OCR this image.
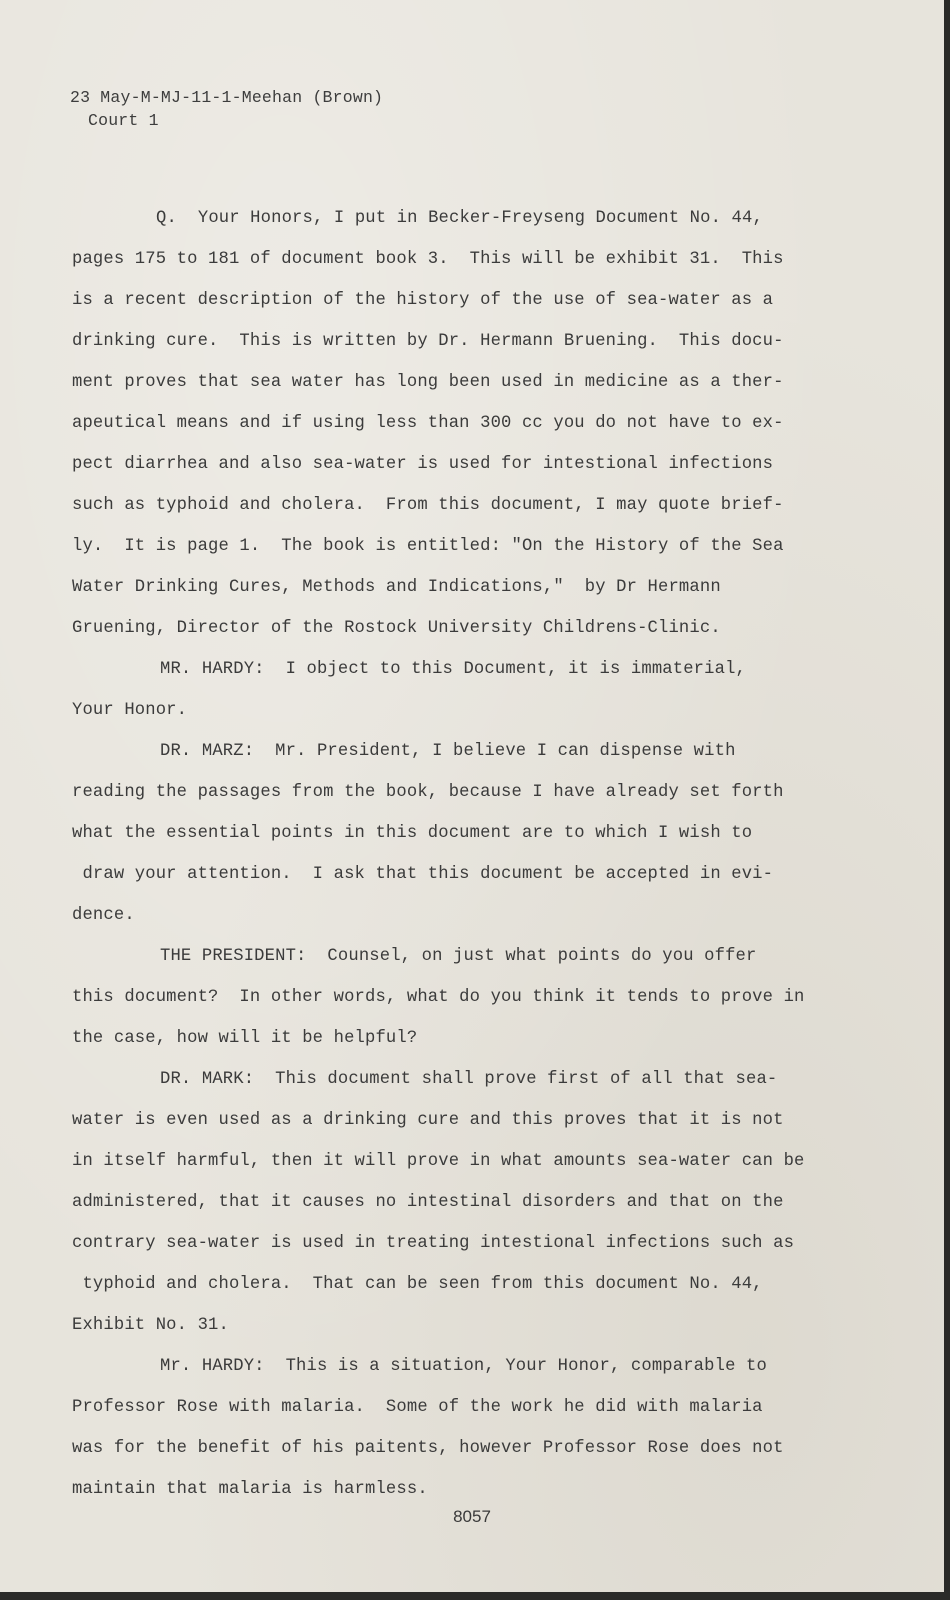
23 May-M-MJ-11-1-Meehan (Brown)
Court 1
Q.  Your Honors, I put in Becker-Freyseng Document No. 44,
pages 175 to 181 of document book 3.  This will be exhibit 31.  This
is a recent description of the history of the use of sea-water as a
drinking cure.  This is written by Dr. Hermann Bruening.  This docu-
ment proves that sea water has long been used in medicine as a ther-
apeutical means and if using less than 300 cc you do not have to ex-
pect diarrhea and also sea-water is used for intestional infections
such as typhoid and cholera.  From this document, I may quote brief-
ly.  It is page 1.  The book is entitled: "On the History of the Sea
Water Drinking Cures, Methods and Indications,"  by Dr Hermann
Gruening, Director of the Rostock University Childrens-Clinic.
MR. HARDY:  I object to this Document, it is immaterial,
Your Honor.
DR. MARZ:  Mr. President, I believe I can dispense with
reading the passages from the book, because I have already set forth
what the essential points in this document are to which I wish to
draw your attention.  I ask that this document be accepted in evi-
dence.
THE PRESIDENT:  Counsel, on just what points do you offer
this document?  In other words, what do you think it tends to prove in
the case, how will it be helpful?
DR. MARK:  This document shall prove first of all that sea-
water is even used as a drinking cure and this proves that it is not
in itself harmful, then it will prove in what amounts sea-water can be
administered, that it causes no intestinal disorders and that on the
contrary sea-water is used in treating intestional infections such as
typhoid and cholera.  That can be seen from this document No. 44,
Exhibit No. 31.
Mr. HARDY:  This is a situation, Your Honor, comparable to
Professor Rose with malaria.  Some of the work he did with malaria
was for the benefit of his paitents, however Professor Rose does not
maintain that malaria is harmless.
8057
